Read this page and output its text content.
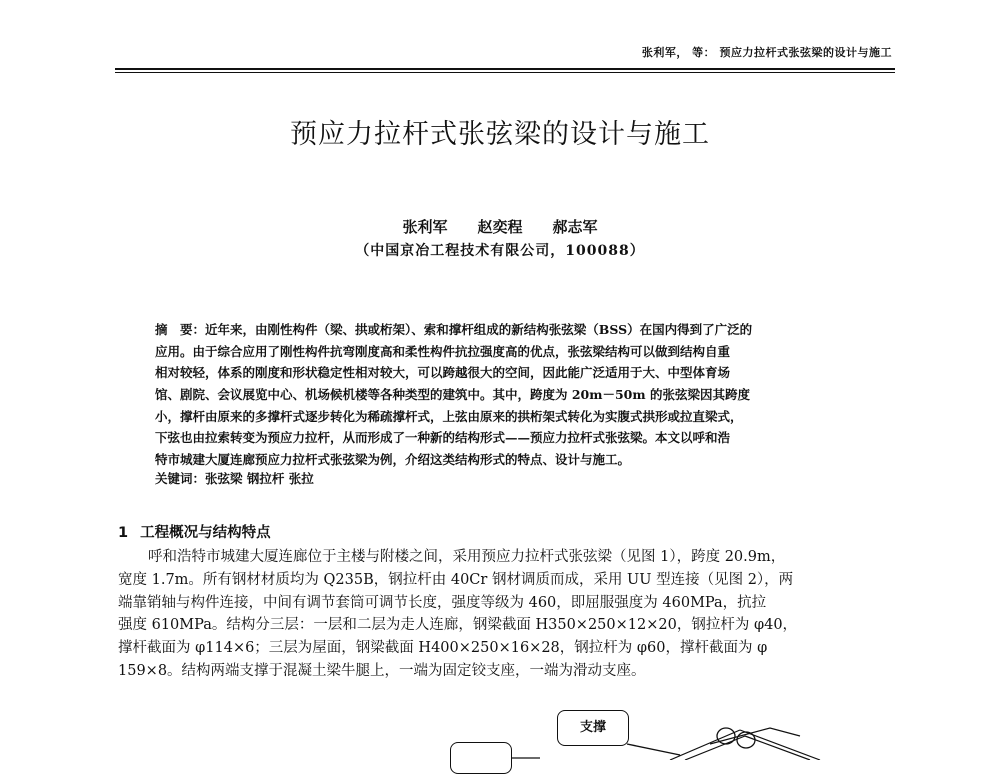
张利军， 等： 预应力拉杆式张弦梁的设计与施工
预应力拉杆式张弦梁的设计与施工
张利军　　 赵奕程　　 郝志军
（中国京冶工程技术有限公司，100088）
摘　要：近年来，由刚性构件（梁、拱或桁架）、索和撑杆组成的新结构张弦梁（BSS）在国内得到了广泛的
应用。由于综合应用了刚性构件抗弯刚度高和柔性构件抗拉强度高的优点，张弦梁结构可以做到结构自重
相对较轻，体系的刚度和形状稳定性相对较大，可以跨越很大的空间，因此能广泛适用于大、中型体育场
馆、剧院、会议展览中心、机场候机楼等各种类型的建筑中。其中，跨度为 20m－50m 的张弦梁因其跨度
小，撑杆由原来的多撑杆式逐步转化为稀疏撑杆式，上弦由原来的拱桁架式转化为实腹式拱形或拉直梁式，
下弦也由拉索转变为预应力拉杆，从而形成了一种新的结构形式——预应力拉杆式张弦梁。本文以呼和浩
特市城建大厦连廊预应力拉杆式张弦梁为例，介绍这类结构形式的特点、设计与施工。
关键词：张弦梁 钢拉杆 张拉
1 工程概况与结构特点
呼和浩特市城建大厦连廊位于主楼与附楼之间，采用预应力拉杆式张弦梁（见图 1），跨度 20.9m，
宽度 1.7m。所有钢材材质均为 Q235B，钢拉杆由 40Cr 钢材调质而成，采用 UU 型连接（见图 2），两
端靠销轴与构件连接，中间有调节套筒可调节长度，强度等级为 460，即屈服强度为 460MPa，抗拉
强度 610MPa。结构分三层：一层和二层为走人连廊，钢梁截面 H350×250×12×20，钢拉杆为 φ40，
撑杆截面为 φ114×6；三层为屋面，钢梁截面 H400×250×16×28，钢拉杆为 φ60，撑杆截面为 φ
159×8。结构两端支撑于混凝土梁牛腿上，一端为固定铰支座，一端为滑动支座。
支撑
